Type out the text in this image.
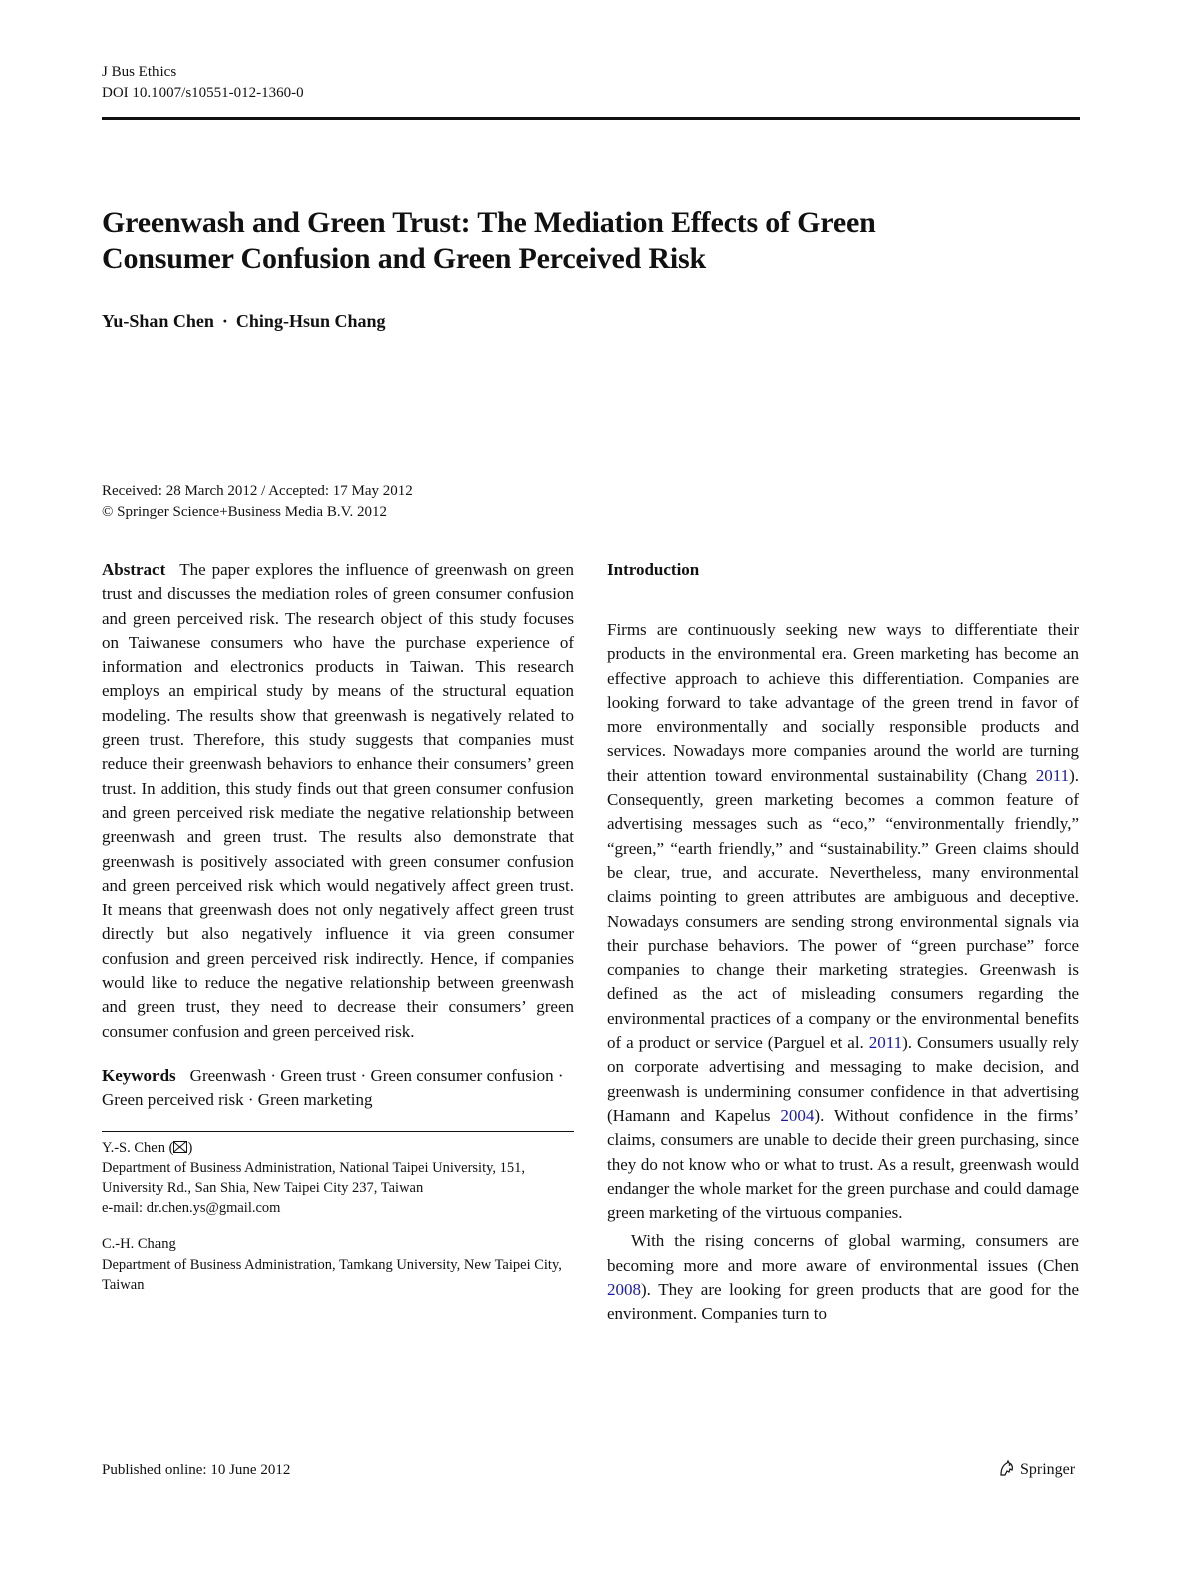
J Bus Ethics
DOI 10.1007/s10551-012-1360-0
Greenwash and Green Trust: The Mediation Effects of Green
Consumer Confusion and Green Perceived Risk
Yu-Shan Chen · Ching-Hsun Chang
Received: 28 March 2012 / Accepted: 17 May 2012
© Springer Science+Business Media B.V. 2012

Abstract The paper explores the influence of greenwash on green trust and discusses the mediation roles of green consumer confusion and green perceived risk. The research object of this study focuses on Taiwanese consumers who have the purchase experience of information and electronics products in Taiwan. This research employs an empirical study by means of the structural equation modeling. The results show that greenwash is negatively related to green trust. Therefore, this study suggests that companies must reduce their greenwash behaviors to enhance their consumers’ green trust. In addition, this study finds out that green consumer confusion and green perceived risk mediate the negative relationship between greenwash and green trust. The results also demonstrate that greenwash is positively associated with green consumer confusion and green perceived risk which would negatively affect green trust. It means that greenwash does not only negatively affect green trust directly but also negatively influence it via green consumer confusion and green perceived risk indirectly. Hence, if companies would like to reduce the negative relationship between greenwash and green trust, they need to decrease their consumers’ green consumer confusion and green perceived risk.

Keywords Greenwash · Green trust · Green consumer confusion · Green perceived risk · Green marketing

Y.-S. Chen ( )

Department of Business Administration, National Taipei University, 151, University Rd., San Shia, New Taipei City 237, Taiwan

e-mail: dr.chen.ys@gmail.com

C.-H. Chang

Department of Business Administration, Tamkang University, New Taipei City, Taiwan

Introduction

Firms are continuously seeking new ways to differentiate their products in the environmental era. Green marketing has become an effective approach to achieve this differentiation. Companies are looking forward to take advantage of the green trend in favor of more environmentally and socially responsible products and services. Nowadays more companies around the world are turning their attention toward environmental sustainability (Chang 2011). Consequently, green marketing becomes a common feature of advertising messages such as “eco,” “environmentally friendly,” “green,” “earth friendly,” and “sustainability.” Green claims should be clear, true, and accurate. Nevertheless, many environmental claims pointing to green attributes are ambiguous and deceptive. Nowadays consumers are sending strong environmental signals via their purchase behaviors. The power of “green purchase” force companies to change their marketing strategies. Greenwash is defined as the act of misleading consumers regarding the environmental practices of a company or the environmental benefits of a product or service (Parguel et al. 2011). Consumers usually rely on corporate advertising and messaging to make decision, and greenwash is undermining consumer confidence in that advertising (Hamann and Kapelus 2004). Without confidence in the firms’ claims, consumers are unable to decide their green purchasing, since they do not know who or what to trust. As a result, greenwash would endanger the whole market for the green purchase and could damage green marketing of the virtuous companies.

With the rising concerns of global warming, consumers are becoming more and more aware of environmental issues (Chen 2008). They are looking for green products that are good for the environment. Companies turn to

Published online: 10 June 2012	Springer
